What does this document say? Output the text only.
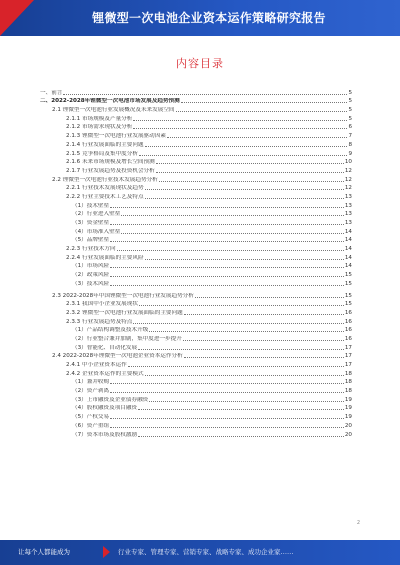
锂微型一次电池企业资本运作策略研究报告
内容目录
一、前言	5
二、2022-2028年锂微型一次电池市场发展及趋势预测	5
2.1 锂微型一次电池行业发展概况及未来发展空间	5
2.1.1 市场规模及产量分析	5
2.1.2 市场需求现状及分析	6
2.1.3 锂微型一次电池行业发展驱动因素	7
2.1.4 行业发展面临的主要问题	8
2.1.5 竞争格局及集中度分析	9
2.1.6 未来市场规模及增长空间预测	10
2.1.7 行业发展趋势及投资机会分析	12
2.2 锂微型一次电池行业技术发展趋势分析	12
2.2.1 行业技术发展现状及趋势	12
2.2.2 行业主要技术工艺及特点	13
（1）技术壁垒	13
（2）行业进入壁垒	13
（3）资金壁垒	13
（4）市场准入壁垒	14
（5）品牌壁垒	14
2.2.3 行业技术方向	14
2.2.4 行业发展面临的主要风险	14
（1）市场风险	14
（2）政策风险	15
（3）技术风险	15
2.3 2022-2028年中国锂微型一次电池行业发展趋势分析	15
2.3.1 我国中小企业发展现状	15
2.3.2 锂微型一次电池行业发展面临的主要问题	16
2.3.3 行业发展趋势及特点	16
（1）产品结构调整及技术升级	16
（2）行业整合兼并加剧，集中度进一步提升	16
（3）智能化、自动化发展	17
2.4 2022-2028年锂微型一次电池企业资本运作分析	17
2.4.1 中小企业资本运作	17
2.4.2 企业资本运作的主要模式	18
（1）兼并收购	18
（2）资产剥离	18
（3）上市融资及企业债券融资	19
（4）股权融资及项目融资	19
（5）产权交易	19
（6）资产重组	20
（7）资本市场及股权激励	20
2
让每个人都能成为	行业专家、管理专家、营销专家、战略专家、成功企业家……
